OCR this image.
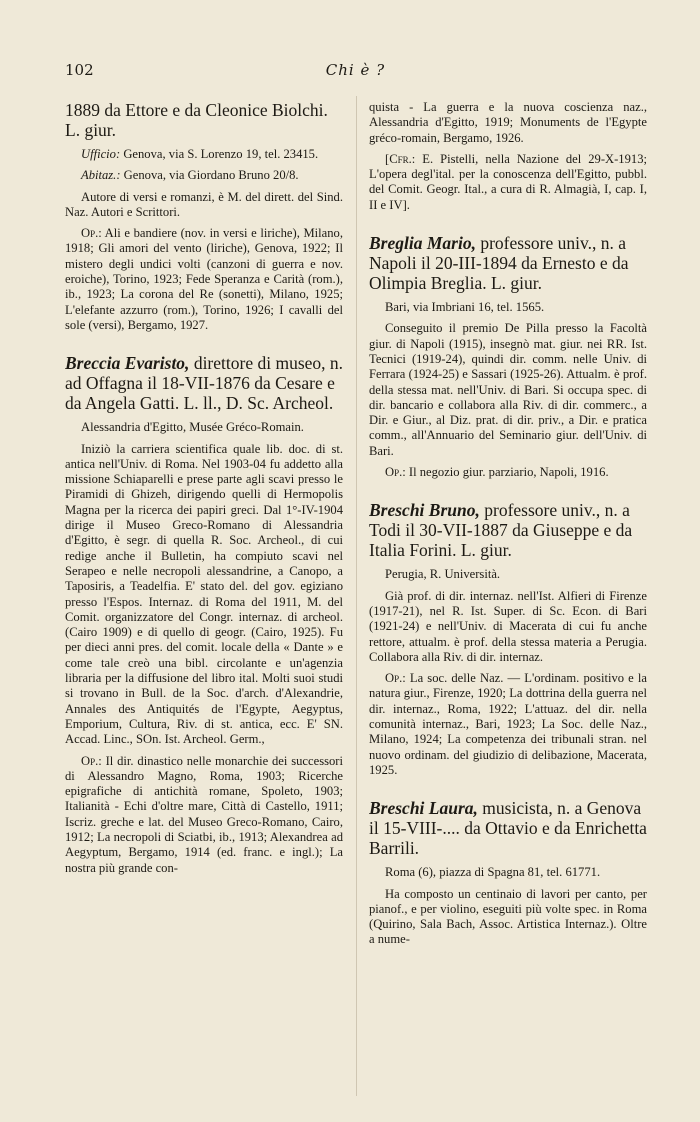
102	Chi è ?
1889 da Ettore e da Cleonice Biolchi. L. giur.

Ufficio: Genova, via S. Lorenzo 19, tel. 23415.

Abitaz.: Genova, via Giordano Bruno 20/8.

Autore di versi e romanzi, è M. del dirett. del Sind. Naz. Autori e Scrittori.

Op.: Ali e bandiere (nov. in versi e liriche), Milano, 1918; Gli amori del vento (liriche), Genova, 1922; Il mistero degli undici volti (canzoni di guerra e nov. eroiche), Torino, 1923; Fede Speranza e Carità (rom.), ib., 1923; La corona del Re (sonetti), Milano, 1925; L'elefante azzurro (rom.), Torino, 1926; I cavalli del sole (versi), Bergamo, 1927.

Breccia Evaristo, direttore di museo, n. ad Offagna il 18-VII-1876 da Cesare e da Angela Gatti. L. ll., D. Sc. Archeol.

Alessandria d'Egitto, Musée Gréco-Romain.

Iniziò la carriera scientifica quale lib. doc. di st. antica nell'Univ. di Roma. Nel 1903-04 fu addetto alla missione Schiaparelli e prese parte agli scavi presso le Piramidi di Ghizeh, dirigendo quelli di Hermopolis Magna per la ricerca dei papiri greci. Dal 1°-IV-1904 dirige il Museo Greco-Romano di Alessandria d'Egitto, è segr. di quella R. Soc. Archeol., di cui redige anche il Bulletin, ha compiuto scavi nel Serapeo e nelle necropoli alessandrine, a Canopo, a Taposiris, a Teadelfia. E' stato del. del gov. egiziano presso l'Espos. Internaz. di Roma del 1911, M. del Comit. organizzatore del Congr. internaz. di archeol. (Cairo 1909) e di quello di geogr. (Cairo, 1925). Fu per dieci anni pres. del comit. locale della « Dante » e come tale creò una bibl. circolante e un'agenzia libraria per la diffusione del libro ital. Molti suoi studi si trovano in Bull. de la Soc. d'arch. d'Alexandrie, Annales des Antiquités de l'Egypte, Aegyptus, Emporium, Cultura, Riv. di st. antica, ecc. E' SN. Accad. Linc., SOn. Ist. Archeol. Germ.,

Op.: Il dir. dinastico nelle monarchie dei successori di Alessandro Magno, Roma, 1903; Ricerche epigrafiche di antichità romane, Spoleto, 1903; Italianità - Echi d'oltre mare, Città di Castello, 1911; Iscriz. greche e lat. del Museo Greco-Romano, Cairo, 1912; La necropoli di Sciatbi, ib., 1913; Alexandrea ad Aegyptum, Bergamo, 1914 (ed. franc. e ingl.); La nostra più grande con-

quista - La guerra e la nuova coscienza naz., Alessandria d'Egitto, 1919; Monuments de l'Egypte gréco-romain, Bergamo, 1926.

[Cfr.: E. Pistelli, nella Nazione del 29-X-1913; L'opera degl'ital. per la conoscenza dell'Egitto, pubbl. del Comit. Geogr. Ital., a cura di R. Almagià, I, cap. I, II e IV].

Breglia Mario, professore univ., n. a Napoli il 20-III-1894 da Ernesto e da Olimpia Breglia. L. giur.

Bari, via Imbriani 16, tel. 1565.

Conseguito il premio De Pilla presso la Facoltà giur. di Napoli (1915), insegnò mat. giur. nei RR. Ist. Tecnici (1919-24), quindi dir. comm. nelle Univ. di Ferrara (1924-25) e Sassari (1925-26). Attualm. è prof. della stessa mat. nell'Univ. di Bari. Si occupa spec. di dir. bancario e collabora alla Riv. di dir. commerc., a Dir. e Giur., al Diz. prat. di dir. priv., a Dir. e pratica comm., all'Annuario del Seminario giur. dell'Univ. di Bari.

Op.: Il negozio giur. parziario, Napoli, 1916.

Breschi Bruno, professore univ., n. a Todi il 30-VII-1887 da Giuseppe e da Italia Forini. L. giur.

Perugia, R. Università.

Già prof. di dir. internaz. nell'Ist. Alfieri di Firenze (1917-21), nel R. Ist. Super. di Sc. Econ. di Bari (1921-24) e nell'Univ. di Macerata di cui fu anche rettore, attualm. è prof. della stessa materia a Perugia. Collabora alla Riv. di dir. internaz.

Op.: La soc. delle Naz. — L'ordinam. positivo e la natura giur., Firenze, 1920; La dottrina della guerra nel dir. internaz., Roma, 1922; L'attuaz. del dir. nella comunità internaz., Bari, 1923; La Soc. delle Naz., Milano, 1924; La competenza dei tribunali stran. nel nuovo ordinam. del giudizio di delibazione, Macerata, 1925.

Breschi Laura, musicista, n. a Genova il 15-VIII-.... da Ottavio e da Enrichetta Barrili.

Roma (6), piazza di Spagna 81, tel. 61771.

Ha composto un centinaio di lavori per canto, per pianof., e per violino, eseguiti più volte spec. in Roma (Quirino, Sala Bach, Assoc. Artistica Internaz.). Oltre a nume-
